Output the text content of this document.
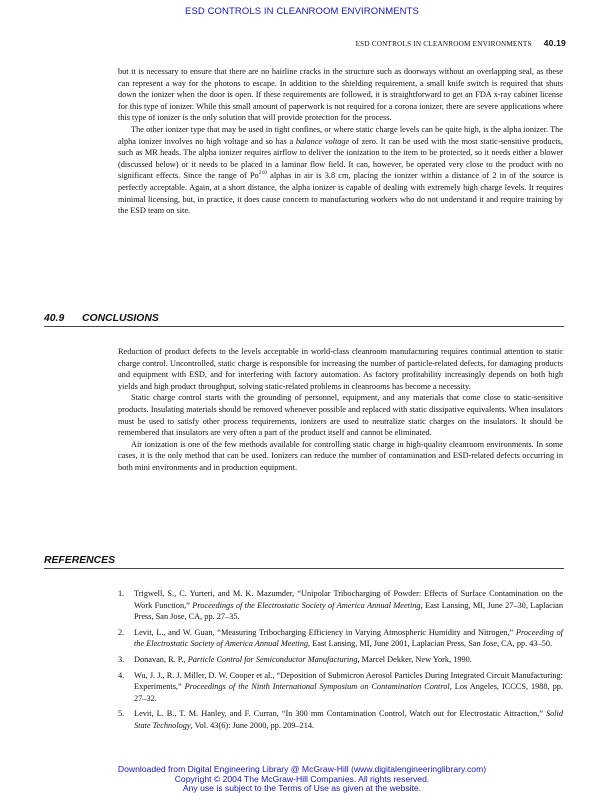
ESD CONTROLS IN CLEANROOM ENVIRONMENTS
ESD CONTROLS IN CLEANROOM ENVIRONMENTS 40.19

but it is necessary to ensure that there are no hairline cracks in the structure such as doorways without an overlapping seal, as these can represent a way for the photons to escape. In addition to the shielding requirement, a small knife switch is required that shuts down the ionizer when the door is open. If these requirements are followed, it is straightforward to get an FDA x-ray cabinet license for this type of ionizer. While this small amount of paperwork is not required for a corona ionizer, there are severe applications where this type of ionizer is the only solution that will provide protection for the process.

The other ionizer type that may be used in tight confines, or where static charge levels can be quite high, is the alpha ionizer. The alpha ionizer involves no high voltage and so has a balance voltage of zero. It can be used with the most static-sensitive products, such as MR heads. The alpha ionizer requires airflow to deliver the ionization to the item to be protected, so it needs either a blower (discussed below) or it needs to be placed in a laminar flow field. It can, however, be operated very close to the product with no significant effects. Since the range of Po$^{210}$ alphas in air is 3.8 cm, placing the ionizer within a distance of 2 in of the source is perfectly acceptable. Again, at a short distance, the alpha ionizer is capable of dealing with extremely high charge levels. It requires minimal licensing, but, in practice, it does cause concern to manufacturing workers who do not understand it and require training by the ESD team on site.

40.9 CONCLUSIONS

Reduction of product defects to the levels acceptable in world-class cleanroom manufacturing requires continual attention to static charge control. Uncontrolled, static charge is responsible for increasing the number of particle-related defects, for damaging products and equipment with ESD, and for interfering with factory automation. As factory profitability increasingly depends on both high yields and high product throughput, solving static-related problems in cleanrooms has become a necessity.

Static charge control starts with the grounding of personnel, equipment, and any materials that come close to static-sensitive products. Insulating materials should be removed whenever possible and replaced with static dissipative equivalents. When insulators must be used to satisfy other process requirements, ionizers are used to neutralize static charges on the insulators. It should be remembered that insulators are very often a part of the product itself and cannot be eliminated.

Air ionization is one of the few methods available for controlling static charge in high-quality cleanroom environments. In some cases, it is the only method that can be used. Ionizers can reduce the number of contamination and ESD-related defects occurring in both mini environments and in production equipment.

REFERENCES
1. Trigwell, S., C. Yurteri, and M. K. Mazumder, “Unipolar Tribocharging of Powder: Effects of Surface Contamination on the Work Function,” Proceedings of the Electrostatic Society of America Annual Meeting, East Lansing, MI, June 27–30, Laplacian Press, San Jose, CA, pp. 27–35.
2. Levit, L., and W. Guan, “Measuring Tribocharging Efficiency in Varying Atmospheric Humidity and Nitrogen,” Proceeding of the Electrostatic Society of America Annual Meeting, East Lansing, MI, June 2001, Laplacian Press, San Jose, CA, pp. 43–50.
3. Donavan, R. P., Particle Control for Semiconductor Manufacturing, Marcel Dekker, New York, 1990.
4. Wu, J. J., R. J. Miller, D. W. Cooper et al., “Deposition of Submicron Aerosol Particles During Integrated Circuit Manufacturing: Experiments,” Proceedings of the Ninth International Symposium on Contamination Control, Los Angeles, ICCCS, 1988, pp. 27–32.
5. Levit, L. B., T. M. Hanley, and F. Curran, “In 300 mm Contamination Control, Watch out for Electrostatic Attraction,” Solid State Technology, Vol. 43(6): June 2000, pp. 209–214.
Downloaded from Digital Engineering Library @ McGraw-Hill (www.digitalengineeringlibrary.com)
Copyright © 2004 The McGraw-Hill Companies. All rights reserved.
Any use is subject to the Terms of Use as given at the website.
